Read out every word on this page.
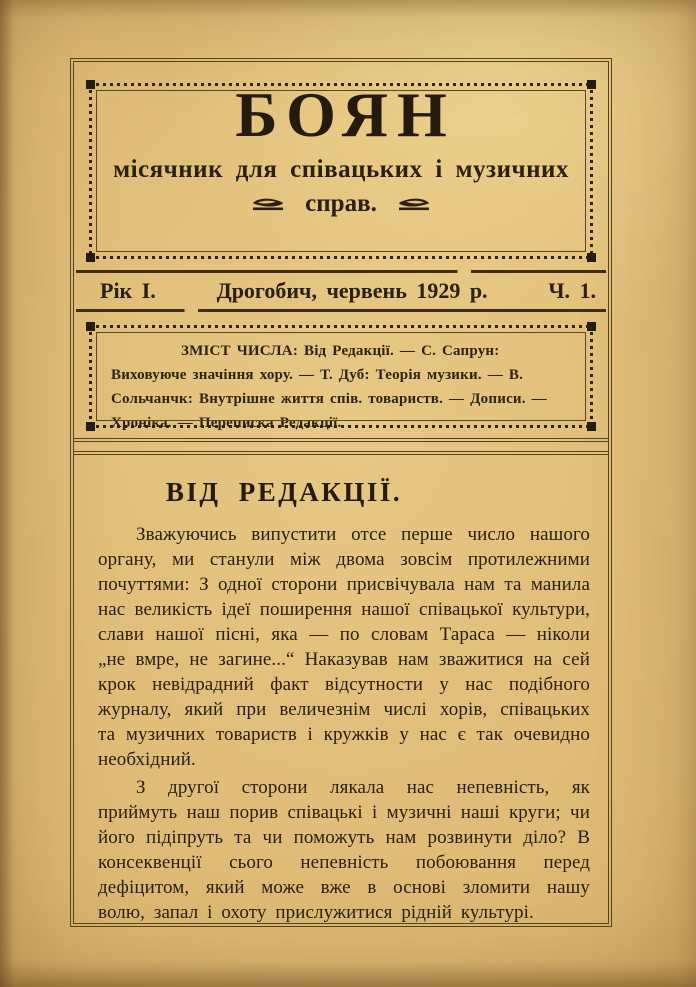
БОЯН
місячник для співацьких і музичних
справ.
Рік І.	Дрогобич, червень 1929 р.	Ч. 1.

ЗМІСТ ЧИСЛА: Від Редакції. — С. Сапрун: Виховуюче значіння хору. — Т. Дуб: Теорія музики. — В. Сольчанчк: Внутрішне життя спів. товариств. — Дописи. — Хроніка. — Переписка Редакції.

ВІД РЕДАКЦІЇ.

Зважуючись випустити отсе перше число нашого органу, ми станули між двома зовсім протилежними почуттями: З одної сторони присвічувала нам та манила нас великість ідеї поширення нашої співацької культури, слави нашої пісні, яка — по словам Тараса — ніколи „не вмре, не загине...“ Наказував нам зважитися на сей крок невідрадний факт відсутности у нас подібного журналу, який при величезнім числі хорів, співацьких та музичних товариств і кружків у нас є так очевидно необхідний.

З другої сторони лякала нас непевність, як приймуть наш порив співацькі і музичні наші круги; чи його підіпруть та чи поможуть нам розвинути діло? В консеквенції сього непевність побоювання перед дефіцитом, який може вже в основі зломити нашу волю, запал і охоту прислужитися рідній культурі.
